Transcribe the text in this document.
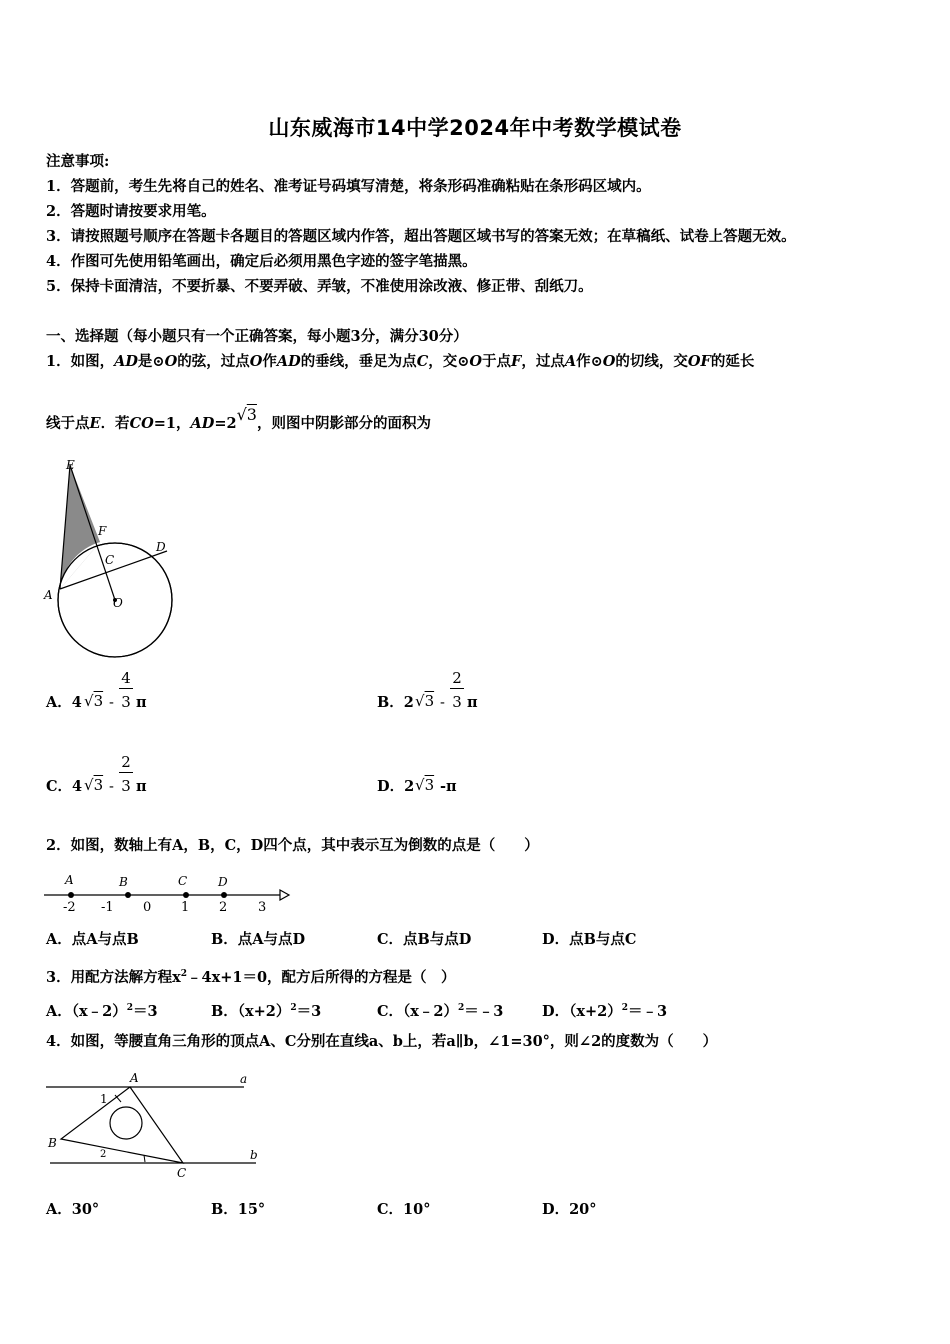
山东威海市14中学2024年中考数学模试卷
注意事项:
1．答题前，考生先将自己的姓名、准考证号码填写清楚，将条形码准确粘贴在条形码区域内。
2．答题时请按要求用笔。
3．请按照题号顺序在答题卡各题目的答题区域内作答，超出答题区域书写的答案无效；在草稿纸、试卷上答题无效。
4．作图可先使用铅笔画出，确定后必须用黑色字迹的签字笔描黑。
5．保持卡面清洁，不要折暴、不要弄破、弄皱，不准使用涂改液、修正带、刮纸刀。
一、选择题（每小题只有一个正确答案，每小题3分，满分30分）
1．如图，AD是⊙O的弦，过点O作AD的垂线，垂足为点C，交⊙O于点F，过点A作⊙O的切线，交OF的延长
线于点E．若CO=1，AD=2√3，则图中阴影部分的面积为
E
F
C
D
A
O
A．4 √3 -
4
3 π	B．2 √3 -
2
3 π
C．4 √3 -
2
3 π	D．2 √3 -π
2．如图，数轴上有A，B，C，D四个点，其中表示互为倒数的点是（　　）
A	B	C	D
-2 -1 0 1 2 3
A．点A与点B	B．点A与点D	C．点B与点D	D．点B与点C
3．用配方法解方程$x^2﹣4x+1=0$，配方后所得的方程是（　）
A．（x﹣2）$^2$＝3	B．$(x+2)^2=3$	C．（x﹣2）$^2$＝﹣3	D．$(x+2)^2=﹣3$
4．如图，等腰直角三角形的顶点A、C分别在直线a、b上，若a∥b，∠1=30°，则∠2的度数为（　　）
A
B
C
a
b
1
2
A．30°	B．15°	C．10°	D．20°
